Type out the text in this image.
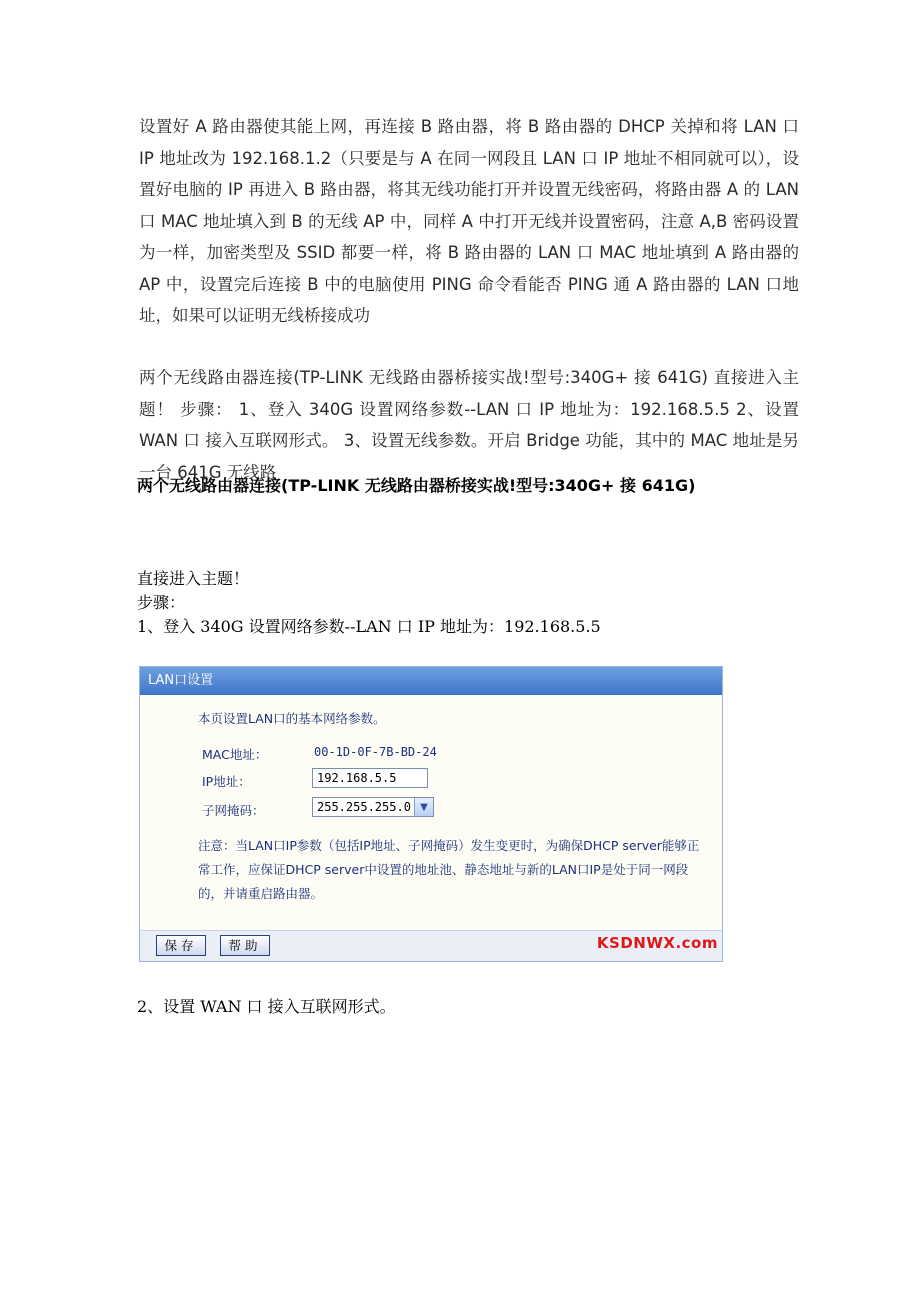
设置好 A 路由器使其能上网，再连接 B 路由器，将 B 路由器的 DHCP 关掉和将 LAN 口 IP 地址改为 192.168.1.2（只要是与 A 在同一网段且 LAN 口 IP 地址不相同就可以），设置好电脑的 IP 再进入 B 路由器，将其无线功能打开并设置无线密码，将路由器 A 的 LAN 口 MAC 地址填入到 B 的无线 AP 中，同样 A 中打开无线并设置密码，注意 A,B 密码设置为一样，加密类型及 SSID 都要一样，将 B 路由器的 LAN 口 MAC 地址填到 A 路由器的 AP 中，设置完后连接 B 中的电脑使用 PING 命令看能否 PING 通 A 路由器的 LAN 口地址，如果可以证明无线桥接成功
两个无线路由器连接(TP-LINK 无线路由器桥接实战!型号:340G+ 接 641G) 直接进入主题！ 步骤： 1、登入 340G 设置网络参数--LAN 口 IP 地址为：192.168.5.5 2、设置 WAN 口 接入互联网形式。 3、设置无线参数。开启 Bridge 功能，其中的 MAC 地址是另一台 641G 无线路
两个无线路由器连接(TP-LINK 无线路由器桥接实战!型号:340G+ 接 641G)
直接进入主题！
步骤：
1、登入 340G 设置网络参数--LAN 口 IP 地址为：192.168.5.5
LAN口设置
本页设置LAN口的基本网络参数。
MAC地址：	00-1D-0F-7B-BD-24
IP地址：
192.168.5.5
子网掩码：	255.255.255.0 ▼
注意：当LAN口IP参数（包括IP地址、子网掩码）发生变更时，为确保DHCP server能够正常工作，应保证DHCP server中设置的地址池、静态地址与新的LAN口IP是处于同一网段的，并请重启路由器。
保存	帮助	KSDNWX.com
2、设置 WAN 口 接入互联网形式。
